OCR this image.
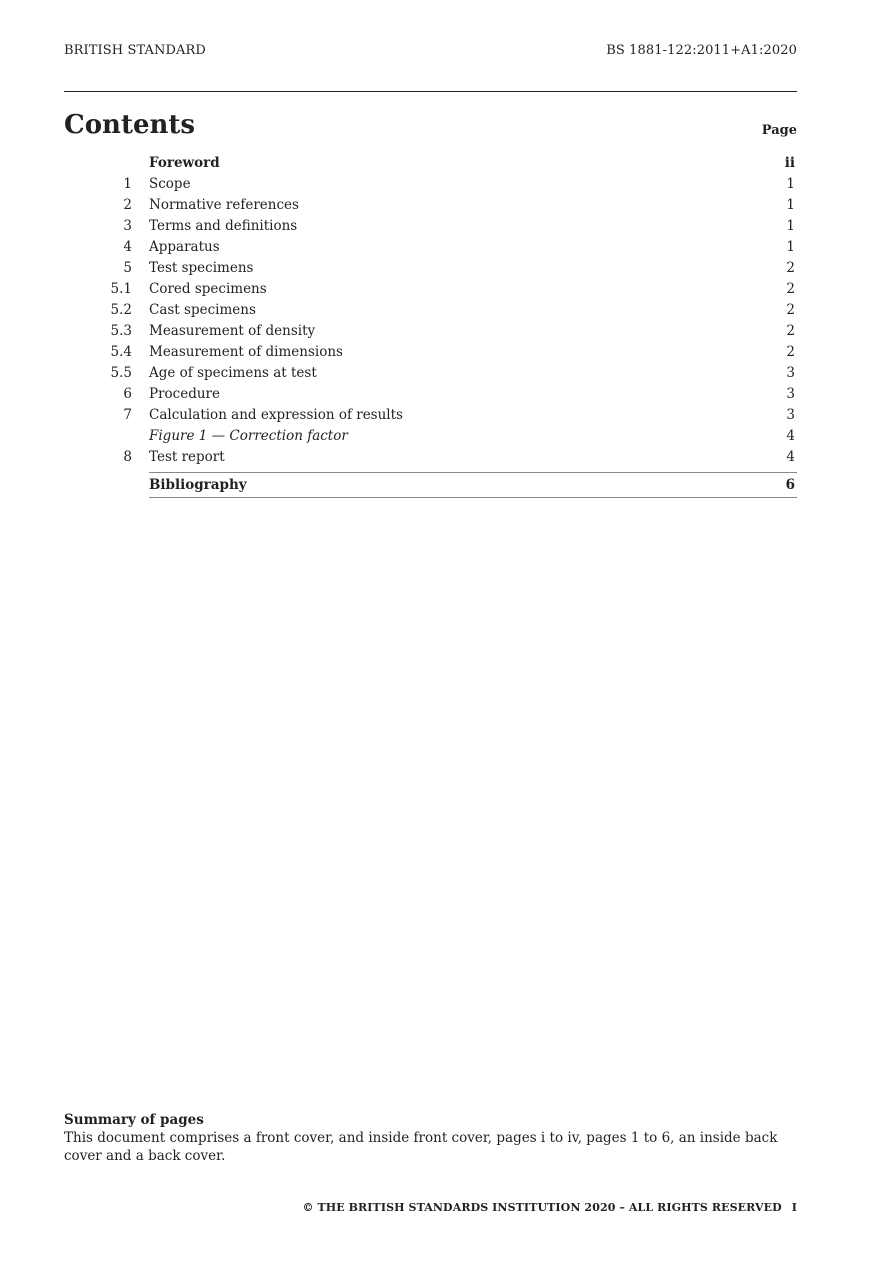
BRITISH STANDARD	BS 1881-122:2011+A1:2020
Contents	Page
Foreword	ii
1 Scope	1
2 Normative references	1
3 Terms and definitions	1
4 Apparatus	1
5 Test specimens	2
5.1 Cored specimens	2
5.2 Cast specimens	2
5.3 Measurement of density	2
5.4 Measurement of dimensions	2
5.5 Age of specimens at test	3
6 Procedure	3
7 Calculation and expression of results	3
Figure 1 — Correction factor	4
8 Test report	4
Bibliography	6
Summary of pages
This document comprises a front cover, and inside front cover, pages i to iv, pages 1 to 6, an inside back cover and a back cover.
© THE BRITISH STANDARDS INSTITUTION 2020 – ALL RIGHTS RESERVED I
